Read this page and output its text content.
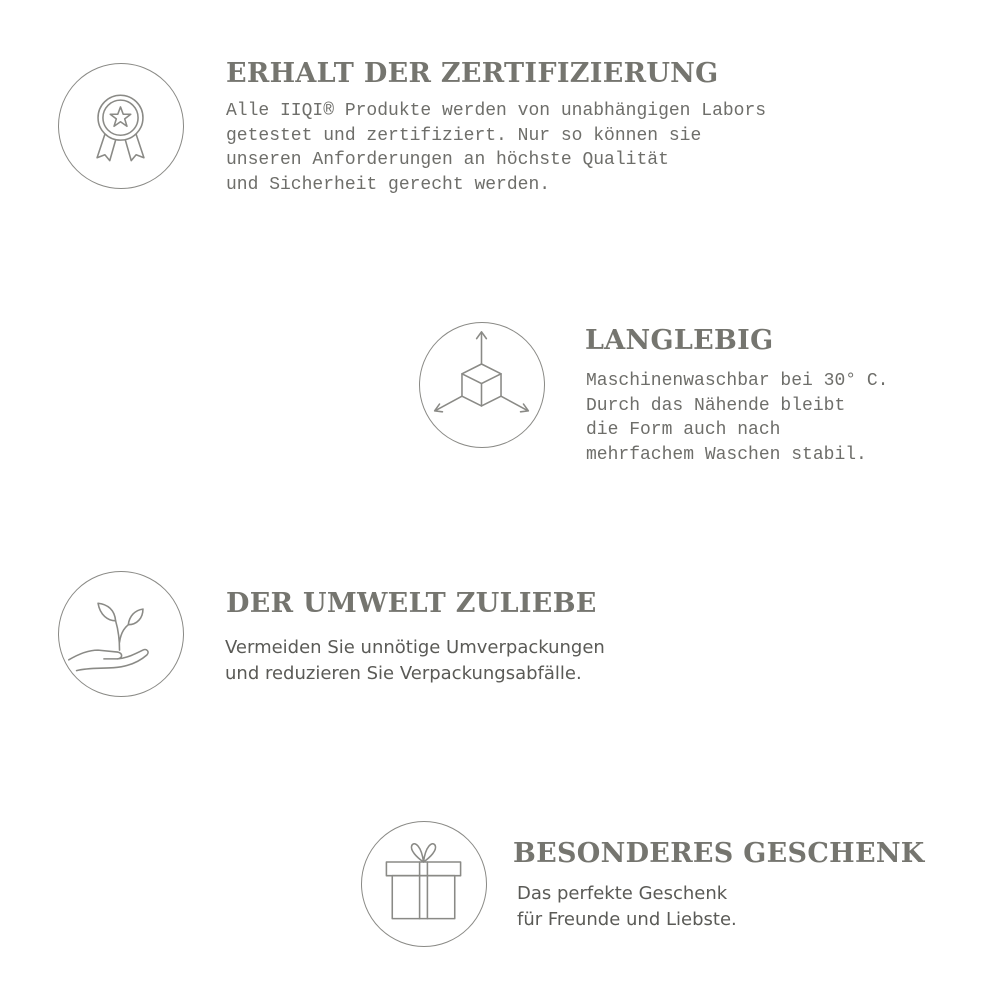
ERHALT DER ZERTIFIZIERUNG
Alle IIQI® Produkte werden von unabhängigen Labors
getestet und zertifiziert. Nur so können sie
unseren Anforderungen an höchste Qualität
und Sicherheit gerecht werden.
LANGLEBIG
Maschinenwaschbar bei 30° C.
Durch das Nähende bleibt
die Form auch nach
mehrfachem Waschen stabil.
DER UMWELT ZULIEBE
Vermeiden Sie unnötige Umverpackungen
und reduzieren Sie Verpackungsabfälle.
BESONDERES GESCHENK
Das perfekte Geschenk
für Freunde und Liebste.
